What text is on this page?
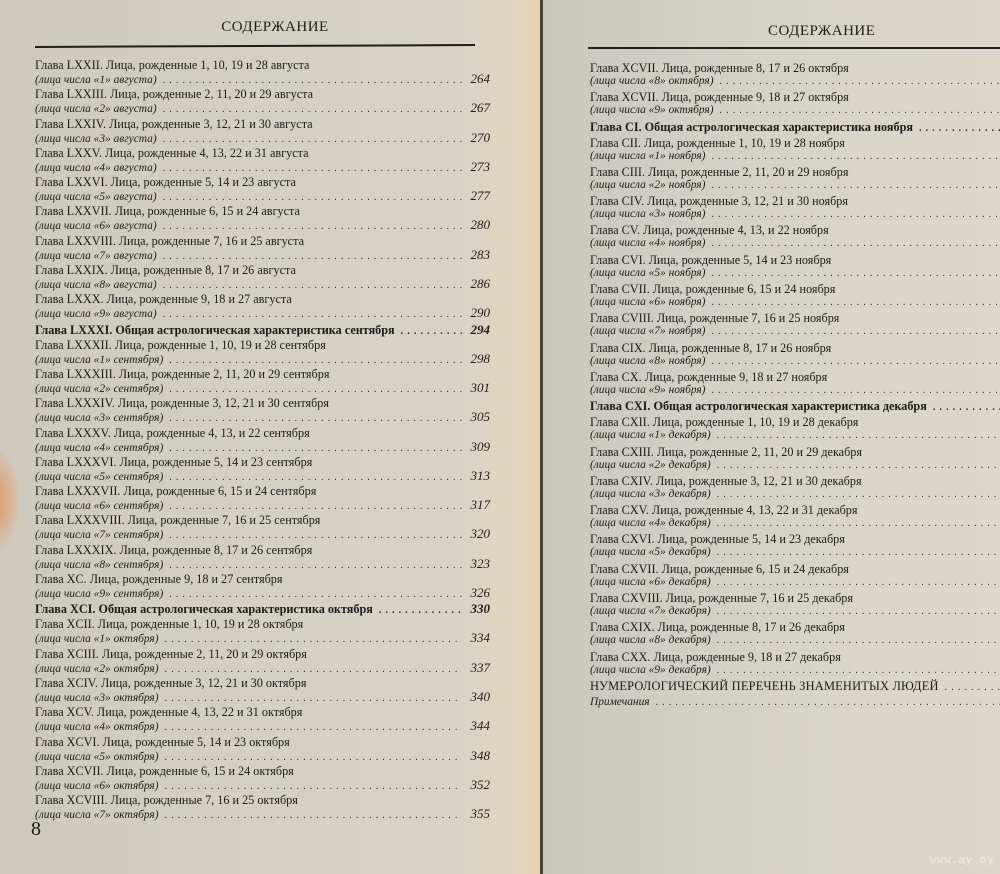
СОДЕРЖАНИЕ
Глава LXXII. Лица, рожденные 1, 10, 19 и 28 августа
(лица числа «1» августа) . . .	264
Глава LXXIII. Лица, рожденные 2, 11, 20 и 29 августа
(лица числа «2» августа) . . .	267
Глава LXXIV. Лица, рожденные 3, 12, 21 и 30 августа
(лица числа «3» августа) . . .	270
Глава LXXV. Лица, рожденные 4, 13, 22 и 31 августа
(лица числа «4» августа) . . .	273
Глава LXXVI. Лица, рожденные 5, 14 и 23 августа
(лица числа «5» августа) . . .	277
Глава LXXVII. Лица, рожденные 6, 15 и 24 августа
(лица числа «6» августа) . . .	280
Глава LXXVIII. Лица, рожденные 7, 16 и 25 августа
(лица числа «7» августа) . . .	283
Глава LXXIX. Лица, рожденные 8, 17 и 26 августа
(лица числа «8» августа) . . .	286
Глава LXXX. Лица, рожденные 9, 18 и 27 августа
(лица числа «9» августа) . . .	290
Глава LXXXI. Общая астрологическая характеристика сентября . . .	294
Глава LXXXII. Лица, рожденные 1, 10, 19 и 28 сентября
(лица числа «1» сентября) . . .	298
Глава LXXXIII. Лица, рожденные 2, 11, 20 и 29 сентября
(лица числа «2» сентября) . . .	301
Глава LXXXIV. Лица, рожденные 3, 12, 21 и 30 сентября
(лица числа «3» сентября) . . .	305
Глава LXXXV. Лица, рожденные 4, 13, и 22 сентября
(лица числа «4» сентября) . . .	309
Глава LXXXVI. Лица, рожденные 5, 14 и 23 сентября
(лица числа «5» сентября) . . .	313
Глава LXXXVII. Лица, рожденные 6, 15 и 24 сентября
(лица числа «6» сентября) . . .	317
Глава LXXXVIII. Лица, рожденные 7, 16 и 25 сентября
(лица числа «7» сентября) . . .	320
Глава LXXXIX. Лица, рожденные 8, 17 и 26 сентября
(лица числа «8» сентября) . . .	323
Глава XC. Лица, рожденные 9, 18 и 27 сентября
(лица числа «9» сентября) . . .	326
Глава XCI. Общая астрологическая характеристика октября . . .	330
Глава XCII. Лица, рожденные 1, 10, 19 и 28 октября
(лица числа «1» октября) . . .	334
Глава XCIII. Лица, рожденные 2, 11, 20 и 29 октября
(лица числа «2» октября) . . .	337
Глава XCIV. Лица, рожденные 3, 12, 21 и 30 октября
(лица числа «3» октября) . . .	340
Глава XCV. Лица, рожденные 4, 13, 22 и 31 октября
(лица числа «4» октября) . . .	344
Глава XCVI. Лица, рожденные 5, 14 и 23 октября
(лица числа «5» октября) . . .	348
Глава XCVII. Лица, рожденные 6, 15 и 24 октября
(лица числа «6» октября) . . .	352
Глава XCVIII. Лица, рожденные 7, 16 и 25 октября
(лица числа «7» октября) . . .	355
8
СОДЕРЖАНИЕ
Глава XCVII. Лица, рожденные 8, 17 и 26 октября
(лица числа «8» октября)
. . .
Глава XCVII. Лица, рожденные 9, 18 и 27 октября
(лица числа «9» октября)
. . .
Глава CI. Общая астрологическая характеристика ноября
. . .
Глава CII. Лица, рожденные 1, 10, 19 и 28 ноября
(лица числа «1» ноября)
. . .
Глава CIII. Лица, рожденные 2, 11, 20 и 29 ноября
(лица числа «2» ноября)
. . .
Глава CIV. Лица, рожденные 3, 12, 21 и 30 ноября
(лица числа «3» ноября)
. . .
Глава CV. Лица, рожденные 4, 13, и 22 ноября
(лица числа «4» ноября)
. . .
Глава CVI. Лица, рожденные 5, 14 и 23 ноября
(лица числа «5» ноября)
. . .
Глава CVII. Лица, рожденные 6, 15 и 24 ноября
(лица числа «6» ноября)
. . .
Глава CVIII. Лица, рожденные 7, 16 и 25 ноября
(лица числа «7» ноября)
. . .
Глава CIX. Лица, рожденные 8, 17 и 26 ноября
(лица числа «8» ноября)
. . .
Глава CX. Лица, рожденные 9, 18 и 27 ноября
(лица числа «9» ноября)
. . .
Глава CXI. Общая астрологическая характеристика декабря
. . .
Глава CXII. Лица, рожденные 1, 10, 19 и 28 декабря
(лица числа «1» декабря)
. . .
Глава CXIII. Лица, рожденные 2, 11, 20 и 29 декабря
(лица числа «2» декабря)
. . .
Глава CXIV. Лица, рожденные 3, 12, 21 и 30 декабря
(лица числа «3» декабря)
. . .
Глава CXV. Лица, рожденные 4, 13, 22 и 31 декабря
(лица числа «4» декабря)
. . .
Глава CXVI. Лица, рожденные 5, 14 и 23 декабря
(лица числа «5» декабря)
. . .
Глава CXVII. Лица, рожденные 6, 15 и 24 декабря
(лица числа «6» декабря)
. . .
Глава CXVIII. Лица, рожденные 7, 16 и 25 декабря
(лица числа «7» декабря)
. . .
Глава CXIX. Лица, рожденные 8, 17 и 26 декабря
(лица числа «8» декабря)
. . .
Глава CXX. Лица, рожденные 9, 18 и 27 декабря
(лица числа «9» декабря)
. . .
НУМЕРОЛОГИЧЕСКИЙ ПЕРЕЧЕНЬ ЗНАМЕНИТЫХ ЛЮДЕЙ
. . .
Примечания
. . .
www.ay.by
